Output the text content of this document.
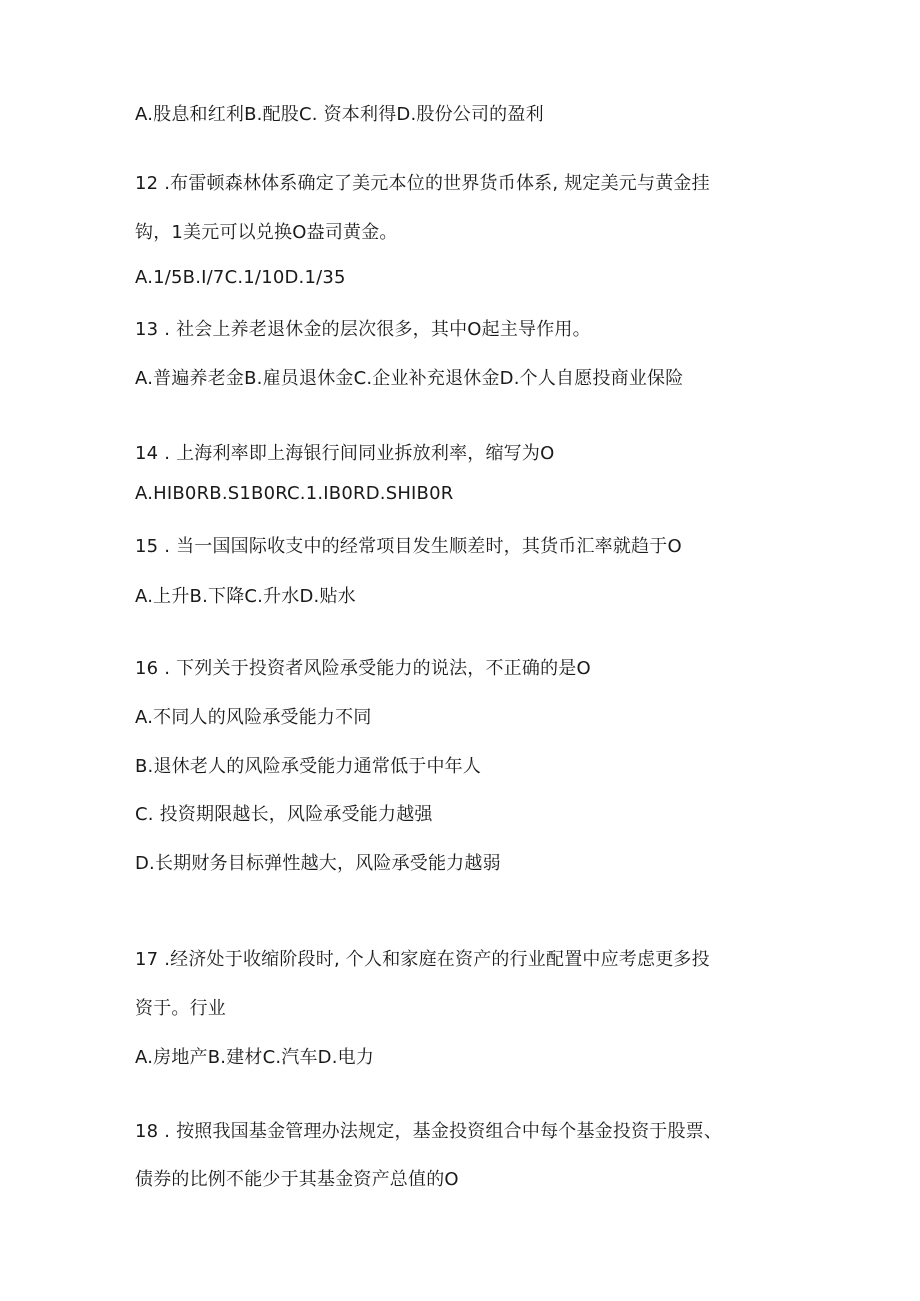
A.股息和红利B.配股C. 资本利得D.股份公司的盈利
12 .布雷顿森林体系确定了美元本位的世界货币体系, 规定美元与黄金挂
钩，1美元可以兑换O盎司黄金。
A.1/5B.I/7C.1/10D.1/35
13 . 社会上养老退休金的层次很多，其中O起主导作用。
A.普遍养老金B.雇员退休金C.企业补充退休金D.个人自愿投商业保险
14 . 上海利率即上海银行间同业拆放利率，缩写为O
A.HIB0RB.S1B0RC.1.IB0RD.SHIB0R
15 . 当一国国际收支中的经常项目发生顺差时，其货币汇率就趋于O
A.上升B.下降C.升水D.贴水
16 . 下列关于投资者风险承受能力的说法，不正确的是O
A.不同人的风险承受能力不同
B.退休老人的风险承受能力通常低于中年人
C. 投资期限越长，风险承受能力越强
D.长期财务目标弹性越大，风险承受能力越弱
17 .经济处于收缩阶段时, 个人和家庭在资产的行业配置中应考虑更多投
资于。行业
A.房地产B.建材C.汽车D.电力
18 . 按照我国基金管理办法规定，基金投资组合中每个基金投资于股票、
债券的比例不能少于其基金资产总值的O
